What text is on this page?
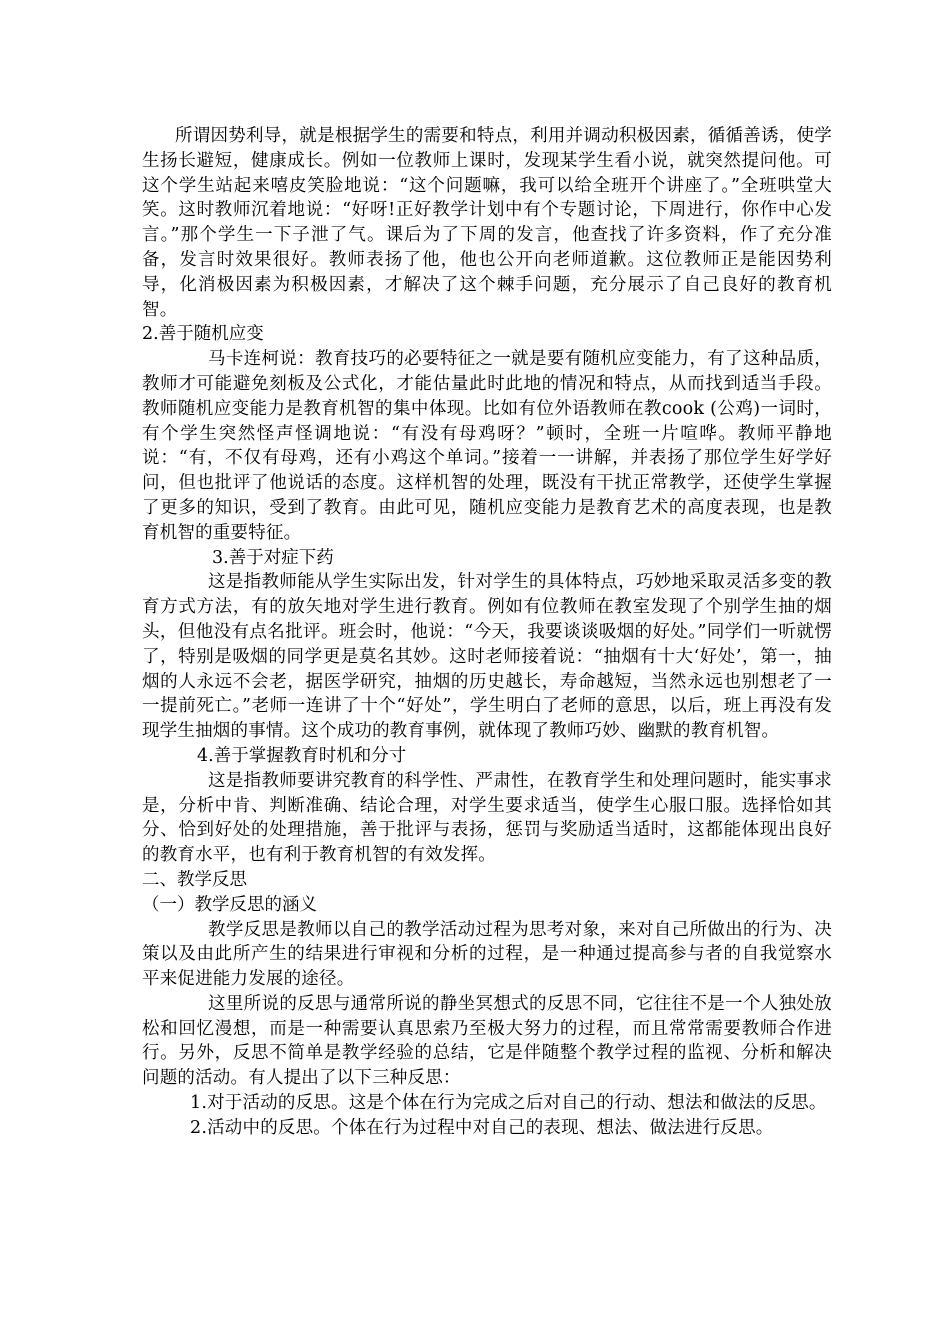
所谓因势利导，就是根据学生的需要和特点，利用并调动积极因素，循循善诱，使学生扬长避短，健康成长。例如一位教师上课时，发现某学生看小说，就突然提问他。可这个学生站起来嘻皮笑脸地说：“这个问题嘛，我可以给全班开个讲座了。”全班哄堂大笑。这时教师沉着地说：“好呀!正好教学计划中有个专题讨论，下周进行，你作中心发言。”那个学生一下子泄了气。课后为了下周的发言，他查找了许多资料，作了充分准备，发言时效果很好。教师表扬了他，他也公开向老师道歉。这位教师正是能因势利导，化消极因素为积极因素，才解决了这个棘手问题，充分展示了自己良好的教育机智。

2.善于随机应变

马卡连柯说：教育技巧的必要特征之一就是要有随机应变能力，有了这种品质，教师才可能避免刻板及公式化，才能估量此时此地的情况和特点，从而找到适当手段。教师随机应变能力是教育机智的集中体现。比如有位外语教师在教cook (公鸡)一词时，有个学生突然怪声怪调地说：“有没有母鸡呀？”顿时，全班一片喧哗。教师平静地说：“有，不仅有母鸡，还有小鸡这个单词。”接着一一讲解，并表扬了那位学生好学好问，但也批评了他说话的态度。这样机智的处理，既没有干扰正常教学，还使学生掌握了更多的知识，受到了教育。由此可见，随机应变能力是教育艺术的高度表现，也是教育机智的重要特征。

3.善于对症下药

这是指教师能从学生实际出发，针对学生的具体特点，巧妙地采取灵活多变的教育方式方法，有的放矢地对学生进行教育。例如有位教师在教室发现了个别学生抽的烟头，但他没有点名批评。班会时，他说：“今天，我要谈谈吸烟的好处。”同学们一听就愣了，特别是吸烟的同学更是莫名其妙。这时老师接着说：“抽烟有十大‘好处’，第一，抽烟的人永远不会老，据医学研究，抽烟的历史越长，寿命越短，当然永远也别想老了一一提前死亡。”老师一连讲了十个“好处”，学生明白了老师的意思，以后，班上再没有发现学生抽烟的事情。这个成功的教育事例，就体现了教师巧妙、幽默的教育机智。

4.善于掌握教育时机和分寸

这是指教师要讲究教育的科学性、严肃性，在教育学生和处理问题时，能实事求是，分析中肯、判断准确、结论合理，对学生要求适当，使学生心服口服。选择恰如其分、恰到好处的处理措施，善于批评与表扬，惩罚与奖励适当适时，这都能体现出良好的教育水平，也有利于教育机智的有效发挥。

二、教学反思

（一）教学反思的涵义

教学反思是教师以自己的教学活动过程为思考对象，来对自己所做出的行为、决策以及由此所产生的结果进行审视和分析的过程，是一种通过提高参与者的自我觉察水平来促进能力发展的途径。

这里所说的反思与通常所说的静坐冥想式的反思不同，它往往不是一个人独处放松和回忆漫想，而是一种需要认真思索乃至极大努力的过程，而且常常需要教师合作进行。另外，反思不简单是教学经验的总结，它是伴随整个教学过程的监视、分析和解决问题的活动。有人提出了以下三种反思：

1.对于活动的反思。这是个体在行为完成之后对自己的行动、想法和做法的反思。

2.活动中的反思。个体在行为过程中对自己的表现、想法、做法进行反思。
